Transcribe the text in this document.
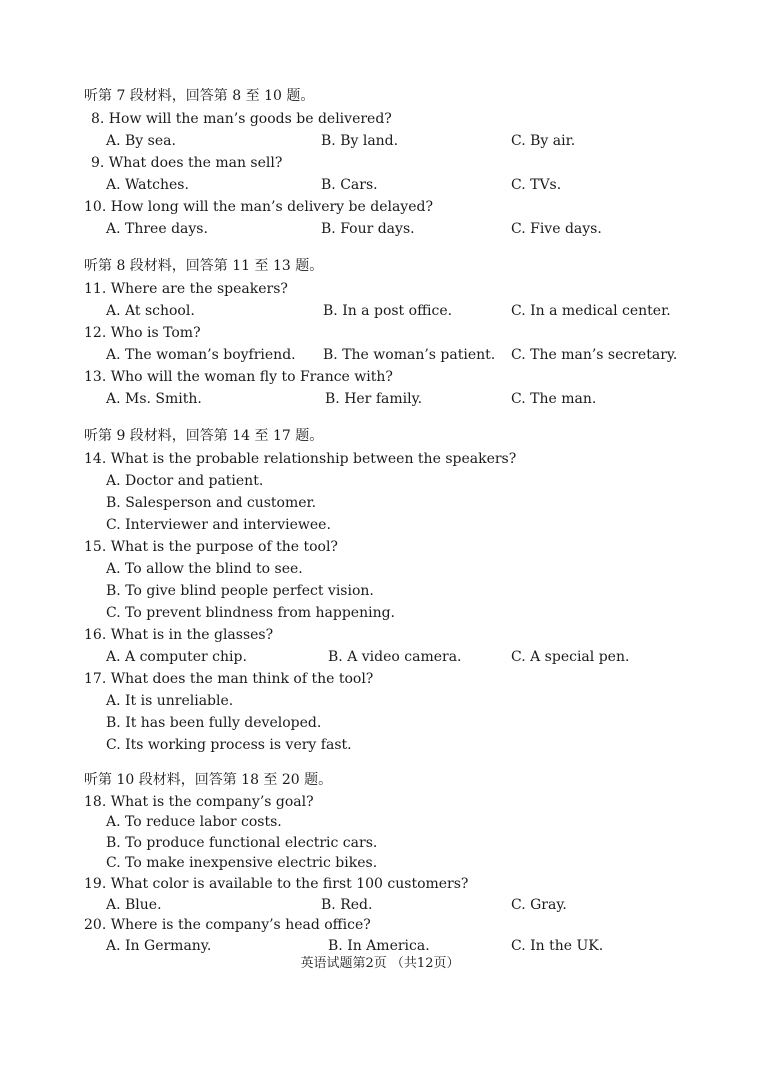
听第 7 段材料，回答第 8 至 10 题。
8. How will the man’s goods be delivered?
A. By sea.	B. By land.	C. By air.
9. What does the man sell?
A. Watches.	B. Cars.	C. TVs.
10. How long will the man’s delivery be delayed?
A. Three days.	B. Four days.	C. Five days.
听第 8 段材料，回答第 11 至 13 题。
11. Where are the speakers?
A. At school.	B. In a post office.	C. In a medical center.
12. Who is Tom?
A. The woman’s boyfriend. B. The woman’s patient. C. The man’s secretary.
13. Who will the woman fly to France with?
A. Ms. Smith.	B. Her family.	C. The man.
听第 9 段材料，回答第 14 至 17 题。
14. What is the probable relationship between the speakers?
A. Doctor and patient.
B. Salesperson and customer.
C. Interviewer and interviewee.
15. What is the purpose of the tool?
A. To allow the blind to see.
B. To give blind people perfect vision.
C. To prevent blindness from happening.
16. What is in the glasses?
A. A computer chip.	B. A video camera.	C. A special pen.
17. What does the man think of the tool?
A. It is unreliable.
B. It has been fully developed.
C. Its working process is very fast.
听第 10 段材料，回答第 18 至 20 题。
18. What is the company’s goal?
A. To reduce labor costs.
B. To produce functional electric cars.
C. To make inexpensive electric bikes.
19. What color is available to the first 100 customers?
A. Blue.	B. Red.	C. Gray.
20. Where is the company’s head office?
A. In Germany.	B. In America.	C. In the UK.
英语试题第2页 （共12页）
